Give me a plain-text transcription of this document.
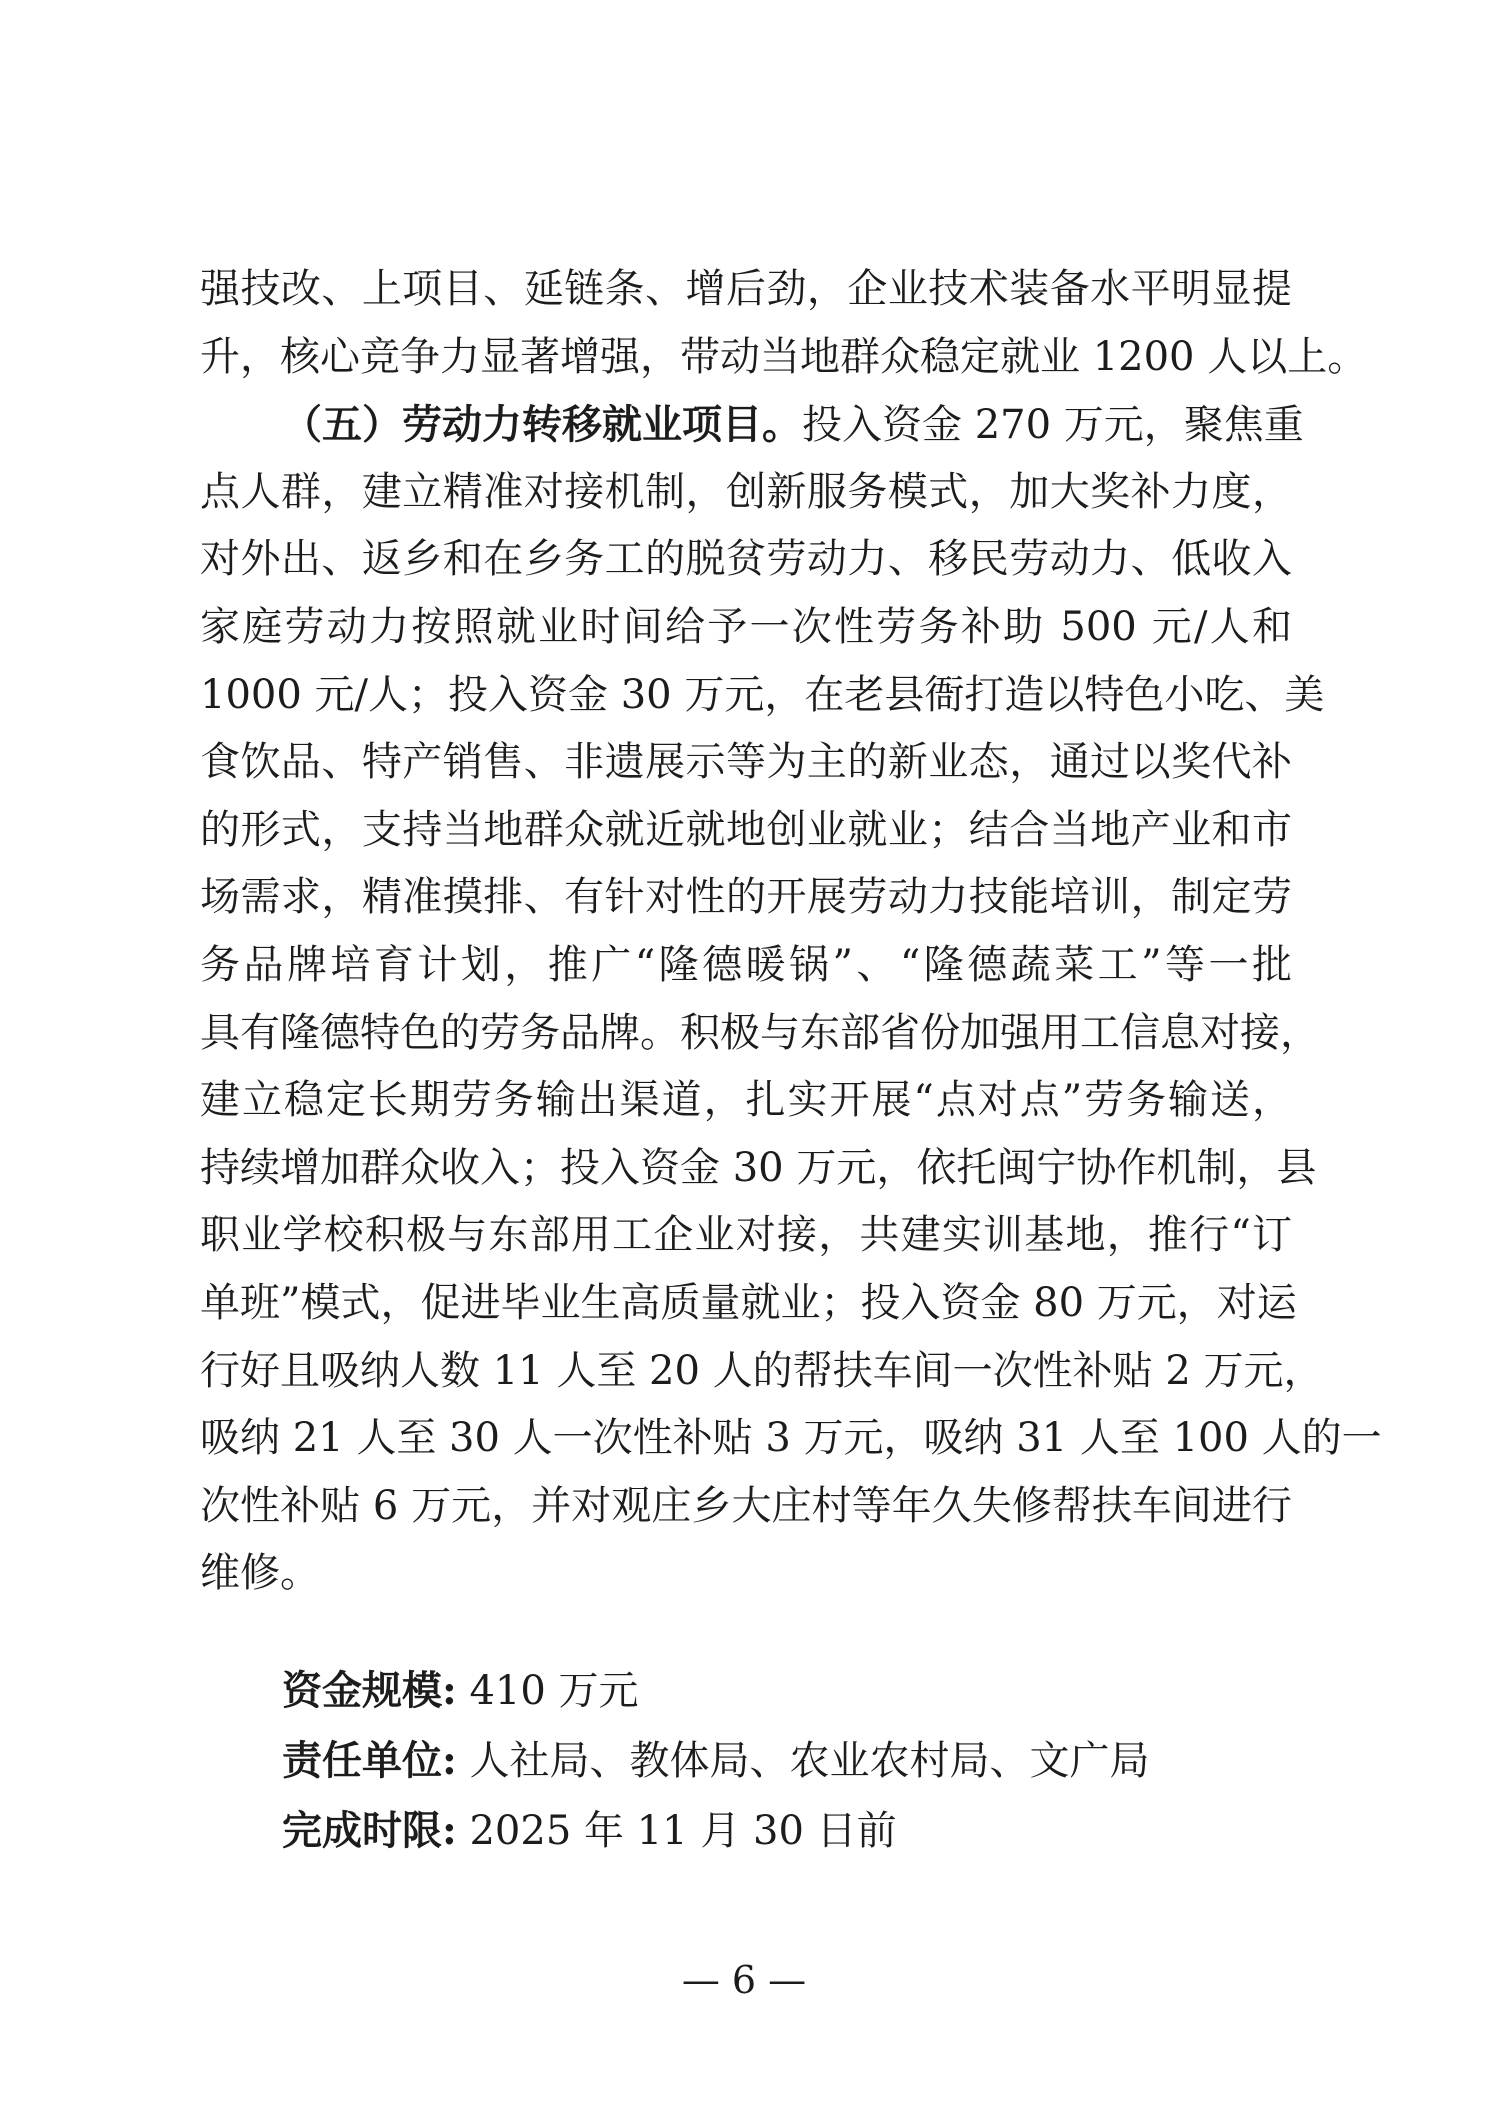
强技改、上项目、延链条、增后劲，企业技术装备水平明显提
升，核心竞争力显著增强，带动当地群众稳定就业 1200 人以上。
（五）劳动力转移就业项目。投入资金 270 万元，聚焦重
点人群，建立精准对接机制，创新服务模式，加大奖补力度，
对外出、返乡和在乡务工的脱贫劳动力、移民劳动力、低收入
家庭劳动力按照就业时间给予一次性劳务补助 500 元/人和
1000 元/人；投入资金 30 万元，在老县衙打造以特色小吃、美
食饮品、特产销售、非遗展示等为主的新业态，通过以奖代补
的形式，支持当地群众就近就地创业就业；结合当地产业和市
场需求，精准摸排、有针对性的开展劳动力技能培训，制定劳
务品牌培育计划，推广“隆德暖锅”、“隆德蔬菜工”等一批
具有隆德特色的劳务品牌。积极与东部省份加强用工信息对接，
建立稳定长期劳务输出渠道，扎实开展“点对点”劳务输送，
持续增加群众收入；投入资金 30 万元，依托闽宁协作机制，县
职业学校积极与东部用工企业对接，共建实训基地，推行“订
单班”模式，促进毕业生高质量就业；投入资金 80 万元，对运
行好且吸纳人数 11 人至 20 人的帮扶车间一次性补贴 2 万元，
吸纳 21 人至 30 人一次性补贴 3 万元，吸纳 31 人至 100 人的一
次性补贴 6 万元，并对观庄乡大庄村等年久失修帮扶车间进行
维修。
资金规模: 410 万元
责任单位: 人社局、教体局、农业农村局、文广局
完成时限: 2025 年 11 月 30 日前
— 6 —
